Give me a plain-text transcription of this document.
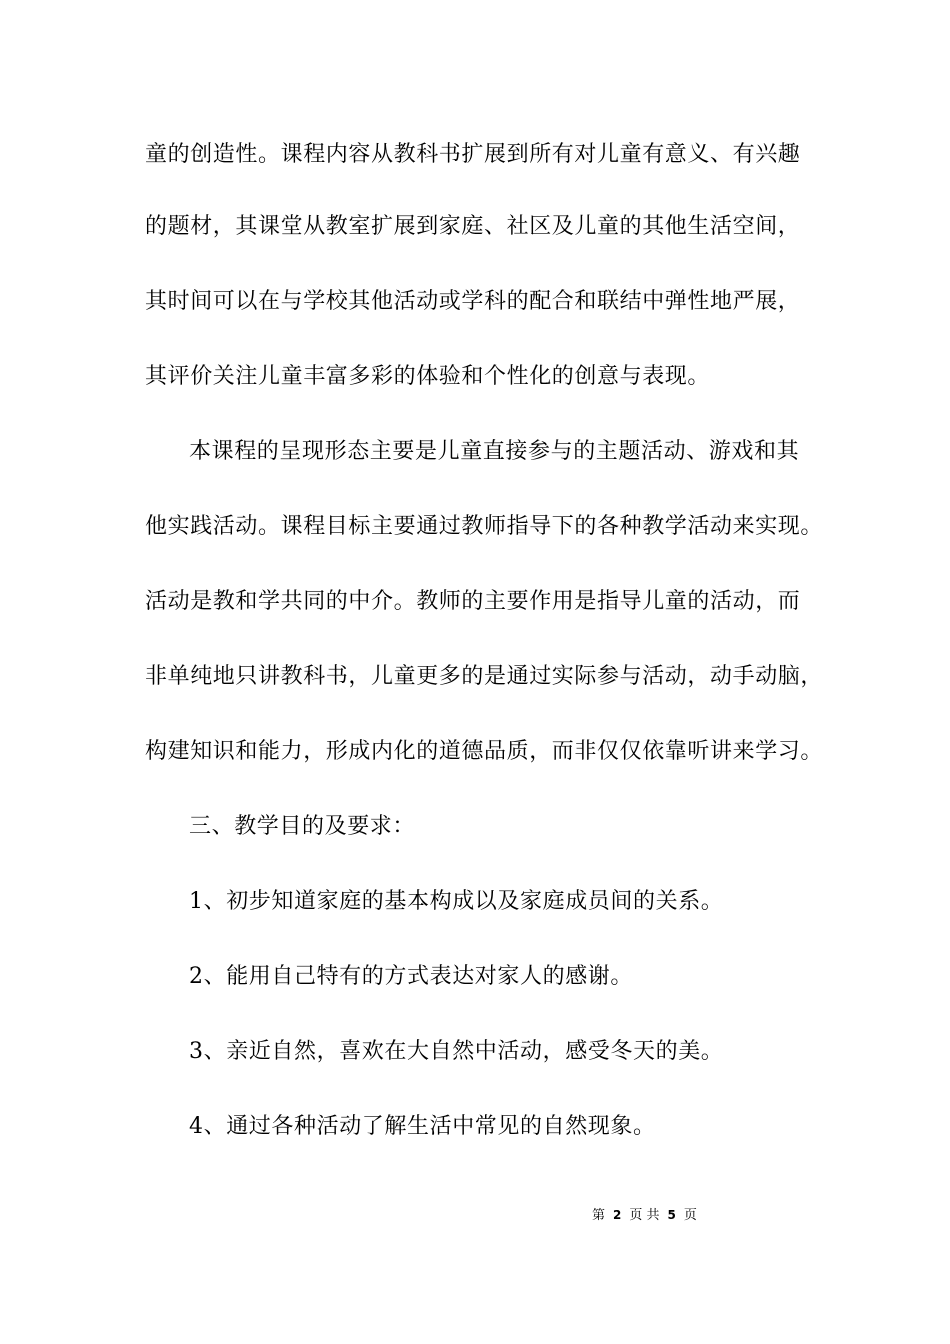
童的创造性。课程内容从教科书扩展到所有对儿童有意义、有兴趣
的题材，其课堂从教室扩展到家庭、社区及儿童的其他生活空间，
其时间可以在与学校其他活动或学科的配合和联结中弹性地严展，
其评价关注儿童丰富多彩的体验和个性化的创意与表现。
本课程的呈现形态主要是儿童直接参与的主题活动、游戏和其
他实践活动。课程目标主要通过教师指导下的各种教学活动来实现。
活动是教和学共同的中介。教师的主要作用是指导儿童的活动，而
非单纯地只讲教科书，儿童更多的是通过实际参与活动，动手动脑，
构建知识和能力，形成内化的道德品质，而非仅仅依靠听讲来学习。
三、教学目的及要求：
1、初步知道家庭的基本构成以及家庭成员间的关系。
2、能用自己特有的方式表达对家人的感谢。
3、亲近自然，喜欢在大自然中活动，感受冬天的美。
4、通过各种活动了解生活中常见的自然现象。
第 2 页 共 5 页
